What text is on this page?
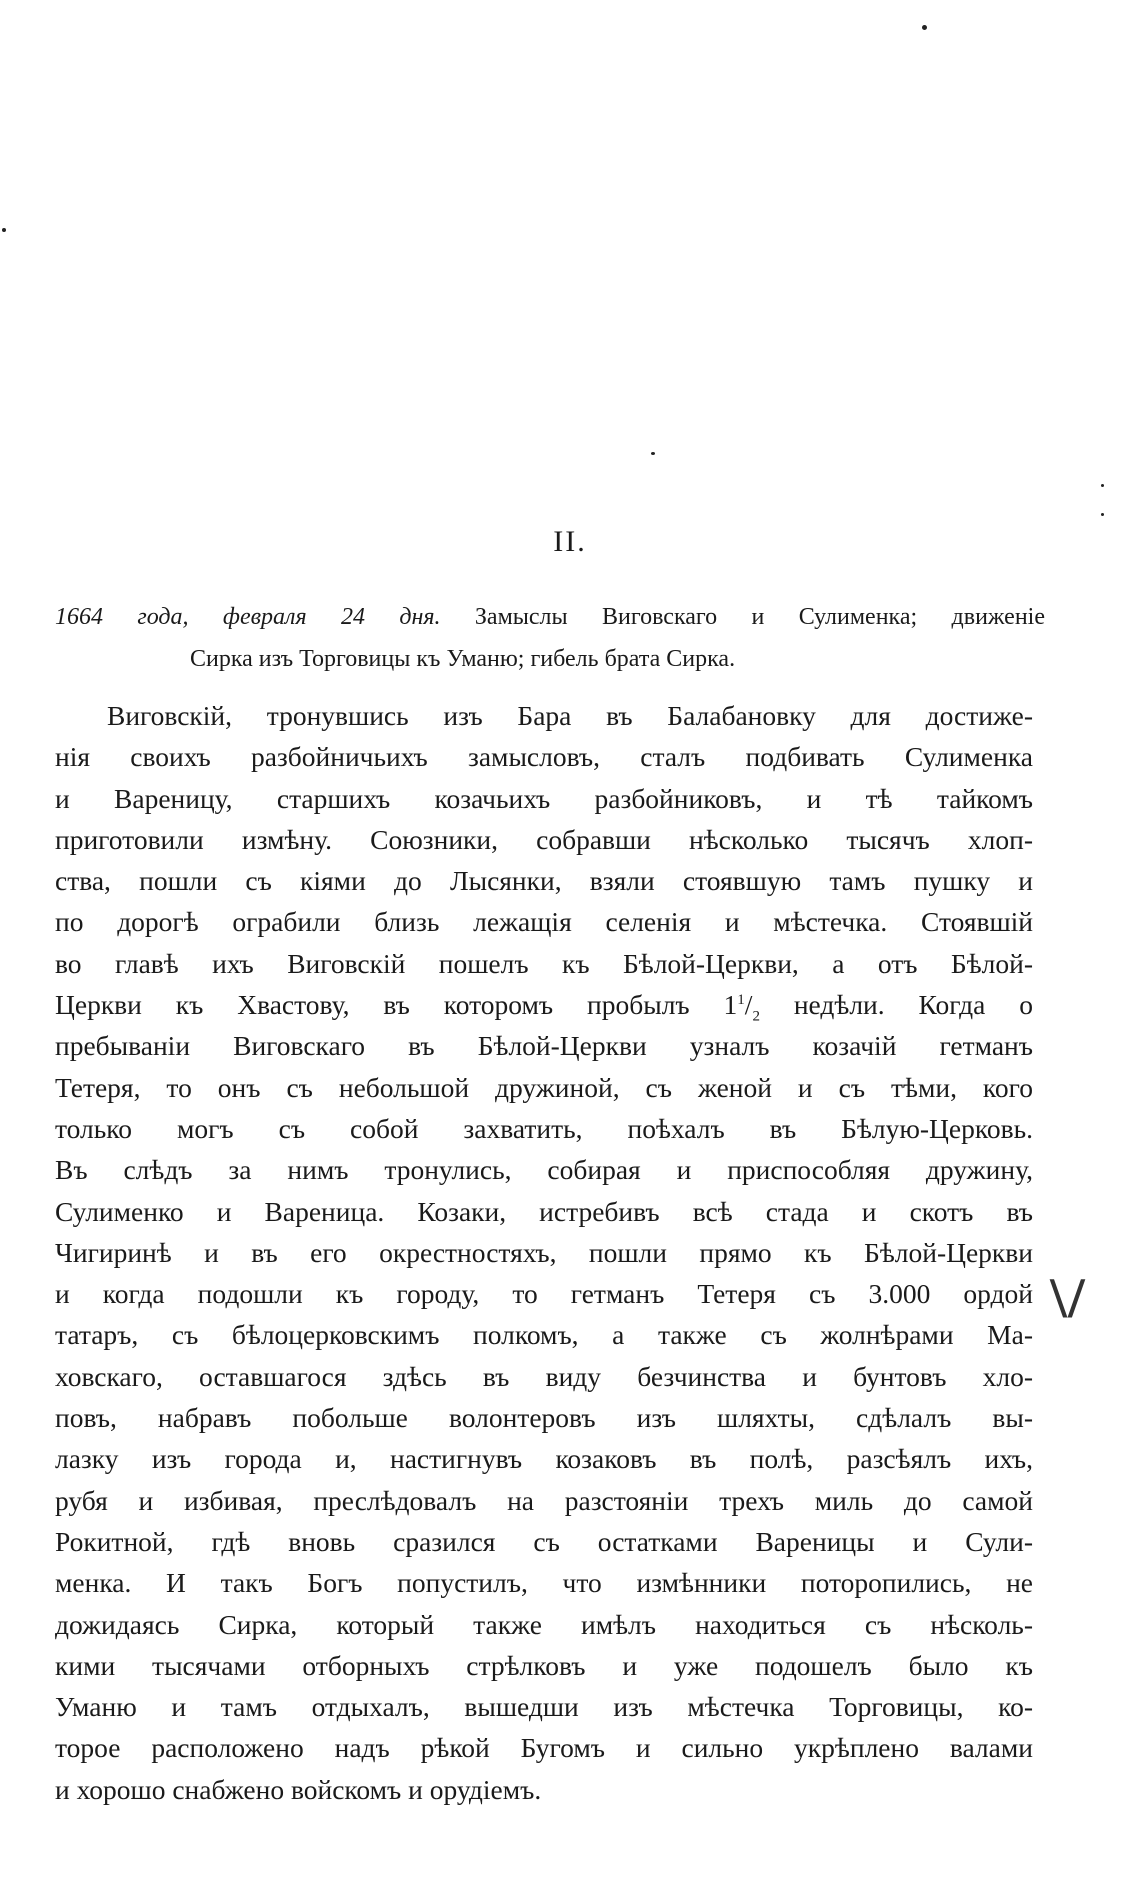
II.
1664 года, февраля 24 дня. Замыслы Виговскаго и Сулименка; движеніе
Сирка изъ Торговицы къ Уманю; гибель брата Сирка.
Виговскій, тронувшись изъ Бара въ Балабановку для достиже-
нія своихъ разбойничьихъ замысловъ, сталъ подбивать Сулименка
и Вареницу, старшихъ козачьихъ разбойниковъ, и тѣ тайкомъ
приготовили измѣну. Союзники, собравши нѣсколько тысячъ хлоп-
ства, пошли съ кіями до Лысянки, взяли стоявшую тамъ пушку и
по дорогѣ ограбили близь лежащія селенія и мѣстечка. Стоявшій
во главѣ ихъ Виговскій пошелъ къ Бѣлой-Церкви, а отъ Бѣлой-
Церкви къ Хвастову, въ которомъ пробылъ $1^1/_2$ недѣли. Когда о
пребываніи Виговскаго въ Бѣлой-Церкви узналъ козачій гетманъ
Тетеря, то онъ съ небольшой дружиной, съ женой и съ тѣми, кого
только могъ съ собой захватить, поѣхалъ въ Бѣлую-Церковь.
Въ слѣдъ за нимъ тронулись, собирая и приспособляя дружину,
Сулименко и Вареница. Козаки, истребивъ всѣ стада и скотъ въ
Чигиринѣ и въ его окрестностяхъ, пошли прямо къ Бѣлой-Церкви
и когда подошли къ городу, то гетманъ Тетеря съ 3.000 ордой
татаръ, съ бѣлоцерковскимъ полкомъ, а также съ жолнѣрами Ма-
ховскаго, оставшагося здѣсь въ виду безчинства и бунтовъ хло-
повъ, набравъ побольше волонтеровъ изъ шляхты, сдѣлалъ вы-
лазку изъ города и, настигнувъ козаковъ въ полѣ, разсѣялъ ихъ,
рубя и избивая, преслѣдовалъ на разстояніи трехъ миль до самой
Рокитной, гдѣ вновь сразился съ остатками Вареницы и Сули-
менка. И такъ Богъ попустилъ, что измѣнники поторопились, не
дожидаясь Сирка, который также имѣлъ находиться съ нѣсколь-
кими тысячами отборныхъ стрѣлковъ и уже подошелъ было къ
Уманю и тамъ отдыхалъ, вышедши изъ мѣстечка Торговицы, ко-
торое расположено надъ рѣкой Бугомъ и сильно укрѣплено валами
и хорошо снабжено войскомъ и орудіемъ.
\/
